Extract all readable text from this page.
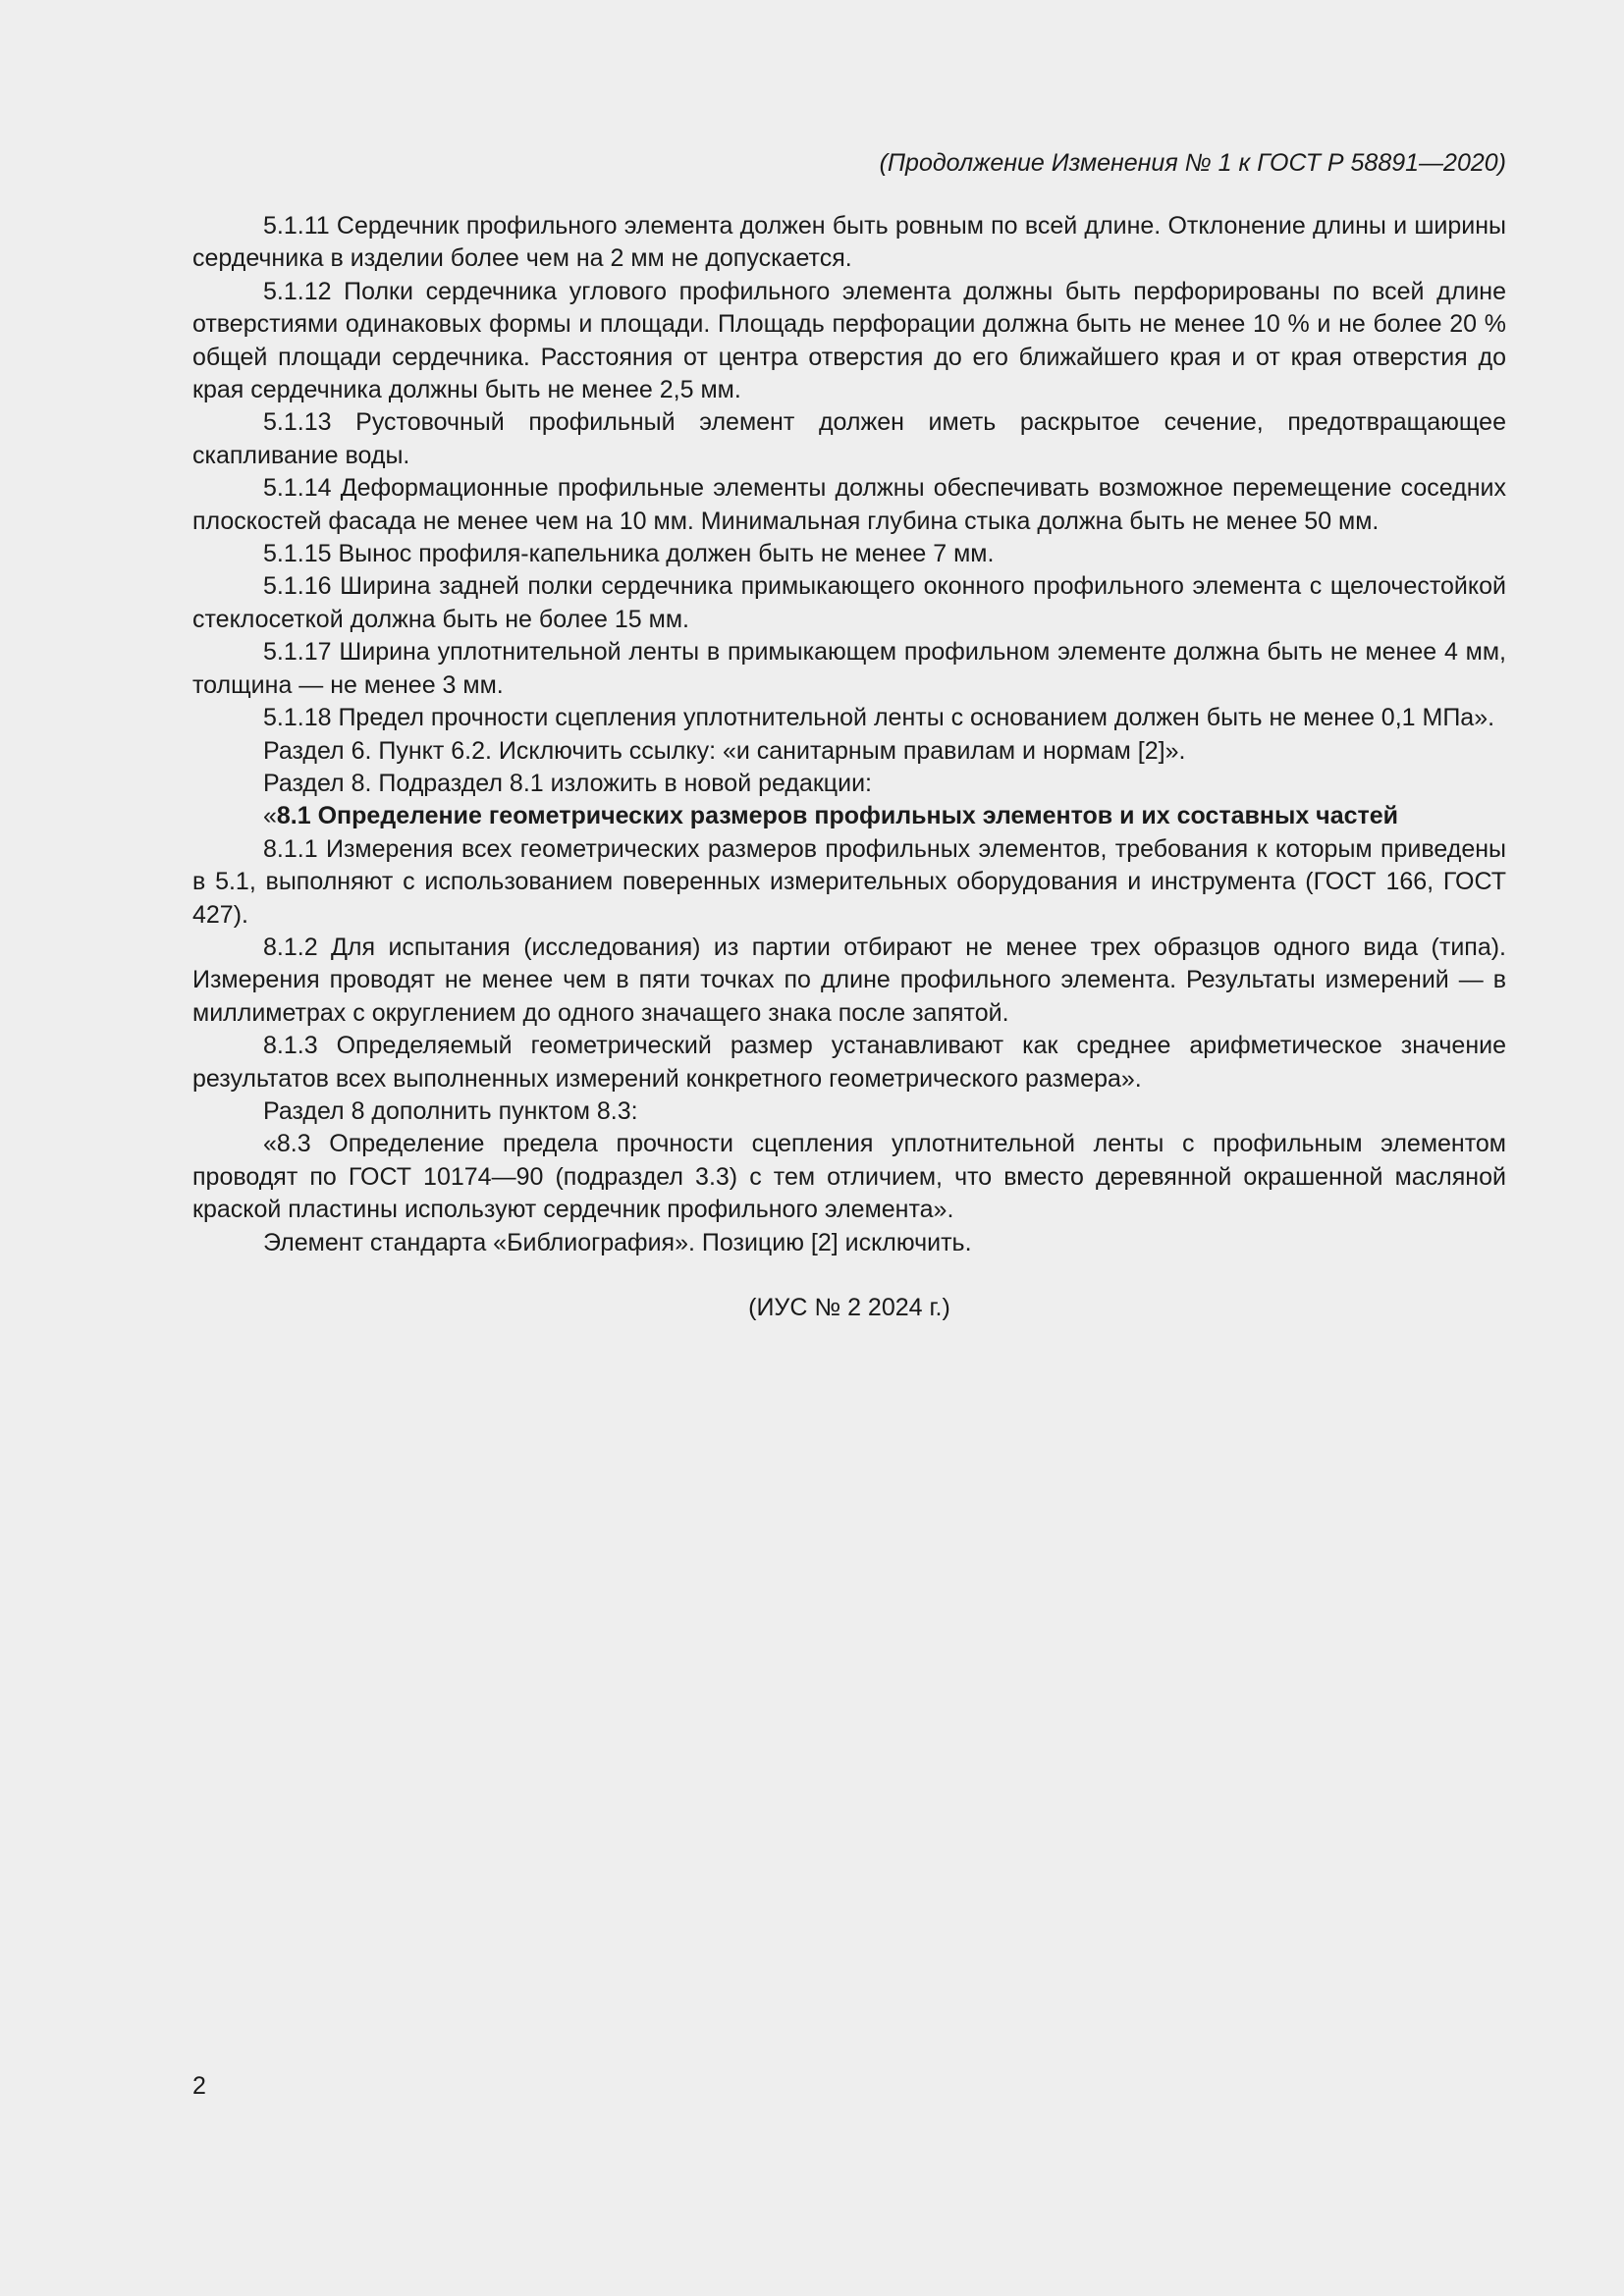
(Продолжение Изменения № 1 к ГОСТ Р 58891—2020)

5.1.11 Сердечник профильного элемента должен быть ровным по всей длине. Отклонение длины и ширины сердечника в изделии более чем на 2 мм не допускается.

5.1.12 Полки сердечника углового профильного элемента должны быть перфорированы по всей длине отверстиями одинаковых формы и площади. Площадь перфорации должна быть не менее 10 % и не более 20 % общей площади сердечника. Расстояния от центра отверстия до его ближайшего края и от края отверстия до края сердечника должны быть не менее 2,5 мм.

5.1.13 Рустовочный профильный элемент должен иметь раскрытое сечение, предотвращающее скапливание воды.

5.1.14 Деформационные профильные элементы должны обеспечивать возможное перемещение соседних плоскостей фасада не менее чем на 10 мм. Минимальная глубина стыка должна быть не менее 50 мм.

5.1.15 Вынос профиля-капельника должен быть не менее 7 мм.

5.1.16 Ширина задней полки сердечника примыкающего оконного профильного элемента с щелочестойкой стеклосеткой должна быть не более 15 мм.

5.1.17 Ширина уплотнительной ленты в примыкающем профильном элементе должна быть не менее 4 мм, толщина — не менее 3 мм.

5.1.18 Предел прочности сцепления уплотнительной ленты с основанием должен быть не менее 0,1 МПа».

Раздел 6. Пункт 6.2. Исключить ссылку: «и санитарным правилам и нормам [2]».

Раздел 8. Подраздел 8.1 изложить в новой редакции:

«8.1 Определение геометрических размеров профильных элементов и их составных частей

8.1.1 Измерения всех геометрических размеров профильных элементов, требования к которым приведены в 5.1, выполняют с использованием поверенных измерительных оборудования и инструмента (ГОСТ 166, ГОСТ 427).

8.1.2 Для испытания (исследования) из партии отбирают не менее трех образцов одного вида (типа). Измерения проводят не менее чем в пяти точках по длине профильного элемента. Результаты измерений — в миллиметрах с округлением до одного значащего знака после запятой.

8.1.3 Определяемый геометрический размер устанавливают как среднее арифметическое значение результатов всех выполненных измерений конкретного геометрического размера».

Раздел 8 дополнить пунктом 8.3:

«8.3 Определение предела прочности сцепления уплотнительной ленты с профильным элементом проводят по ГОСТ 10174—90 (подраздел 3.3) с тем отличием, что вместо деревянной окрашенной масляной краской пластины используют сердечник профильного элемента».

Элемент стандарта «Библиография». Позицию [2] исключить.

(ИУС № 2 2024 г.)

2
